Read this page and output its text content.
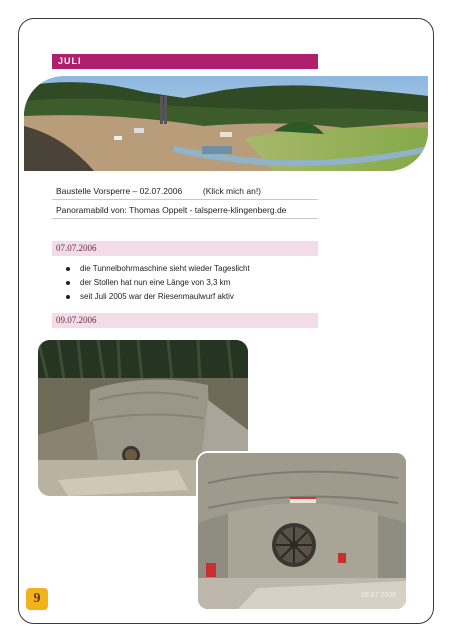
JULI
Baustelle Vorsperre – 02.07.2006 (Klick mich an!)
Panoramabild von: Thomas Oppelt - talsperre-klingenberg.de
07.07.2006
die Tunnelbohrmaschine sieht wieder Tageslicht
der Stollen hat nun eine Länge von 3,3 km
seit Juli 2005 war der Riesenmaulwurf aktiv
09.07.2006
09.07.2006
9
